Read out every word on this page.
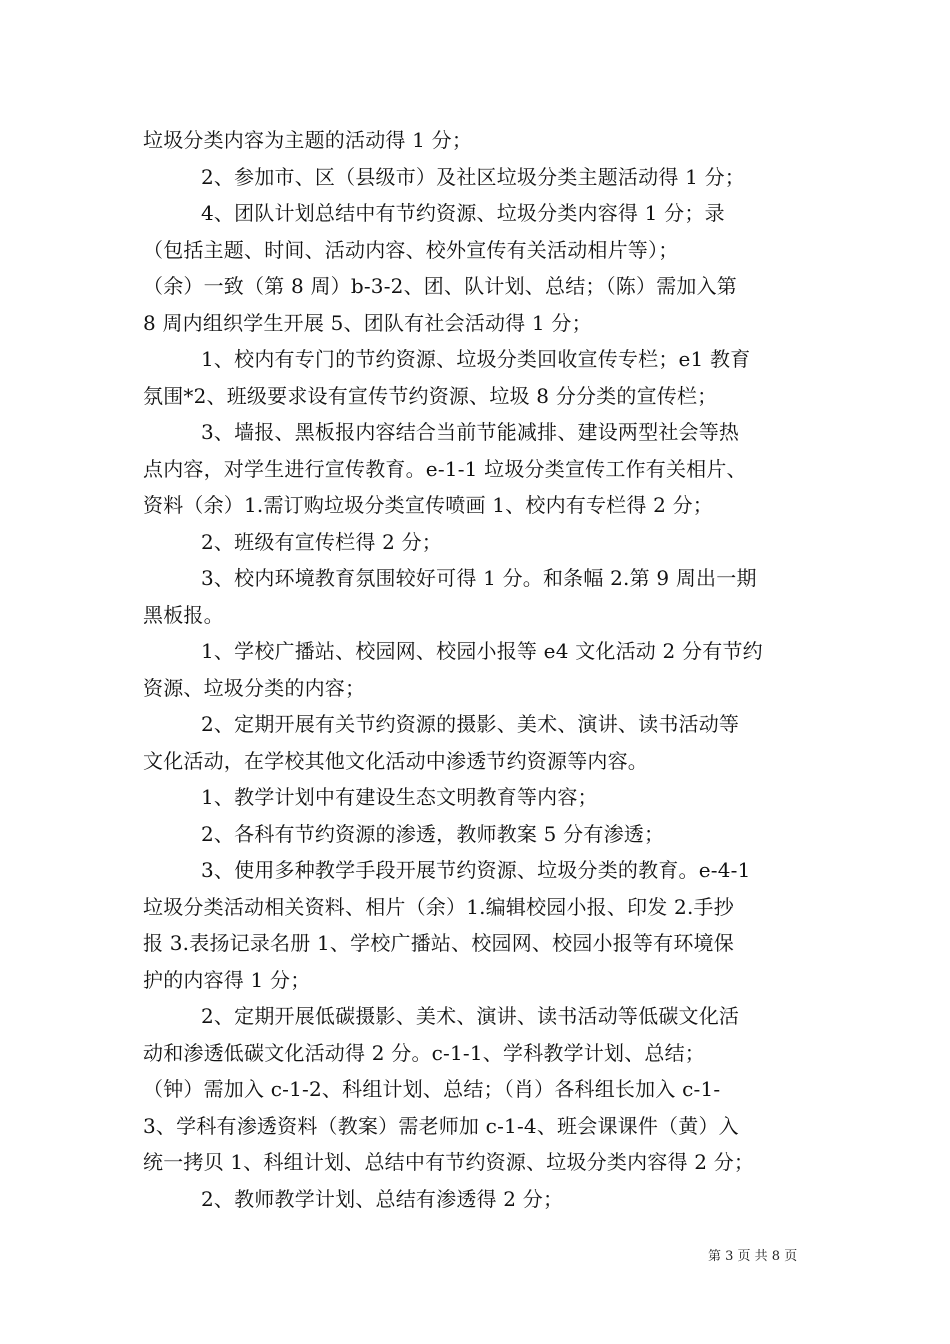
垃圾分类内容为主题的活动得 1 分；
2、参加市、区（县级市）及社区垃圾分类主题活动得 1 分；
4、团队计划总结中有节约资源、垃圾分类内容得 1 分；录
（包括主题、时间、活动内容、校外宣传有关活动相片等）；
（余）一致（第 8 周）b-3-2、团、队计划、总结；（陈）需加入第
8 周内组织学生开展 5、团队有社会活动得 1 分；
1、校内有专门的节约资源、垃圾分类回收宣传专栏；e1 教育
氛围*2、班级要求设有宣传节约资源、垃圾 8 分分类的宣传栏；
3、墙报、黑板报内容结合当前节能减排、建设两型社会等热
点内容，对学生进行宣传教育。e-1-1 垃圾分类宣传工作有关相片、
资料（余）1.需订购垃圾分类宣传喷画 1、校内有专栏得 2 分；
2、班级有宣传栏得 2 分；
3、校内环境教育氛围较好可得 1 分。和条幅 2.第 9 周出一期
黑板报。
1、学校广播站、校园网、校园小报等 e4 文化活动 2 分有节约
资源、垃圾分类的内容；
2、定期开展有关节约资源的摄影、美术、演讲、读书活动等
文化活动，在学校其他文化活动中渗透节约资源等内容。
1、教学计划中有建设生态文明教育等内容；
2、各科有节约资源的渗透，教师教案 5 分有渗透；
3、使用多种教学手段开展节约资源、垃圾分类的教育。e-4-1
垃圾分类活动相关资料、相片（余）1.编辑校园小报、印发 2.手抄
报 3.表扬记录名册 1、学校广播站、校园网、校园小报等有环境保
护的内容得 1 分；
2、定期开展低碳摄影、美术、演讲、读书活动等低碳文化活
动和渗透低碳文化活动得 2 分。c-1-1、学科教学计划、总结；
（钟）需加入 c-1-2、科组计划、总结；（肖）各科组长加入 c-1-
3、学科有渗透资料（教案）需老师加 c-1-4、班会课课件（黄）入
统一拷贝 1、科组计划、总结中有节约资源、垃圾分类内容得 2 分；
2、教师教学计划、总结有渗透得 2 分；
第 3 页 共 8 页
